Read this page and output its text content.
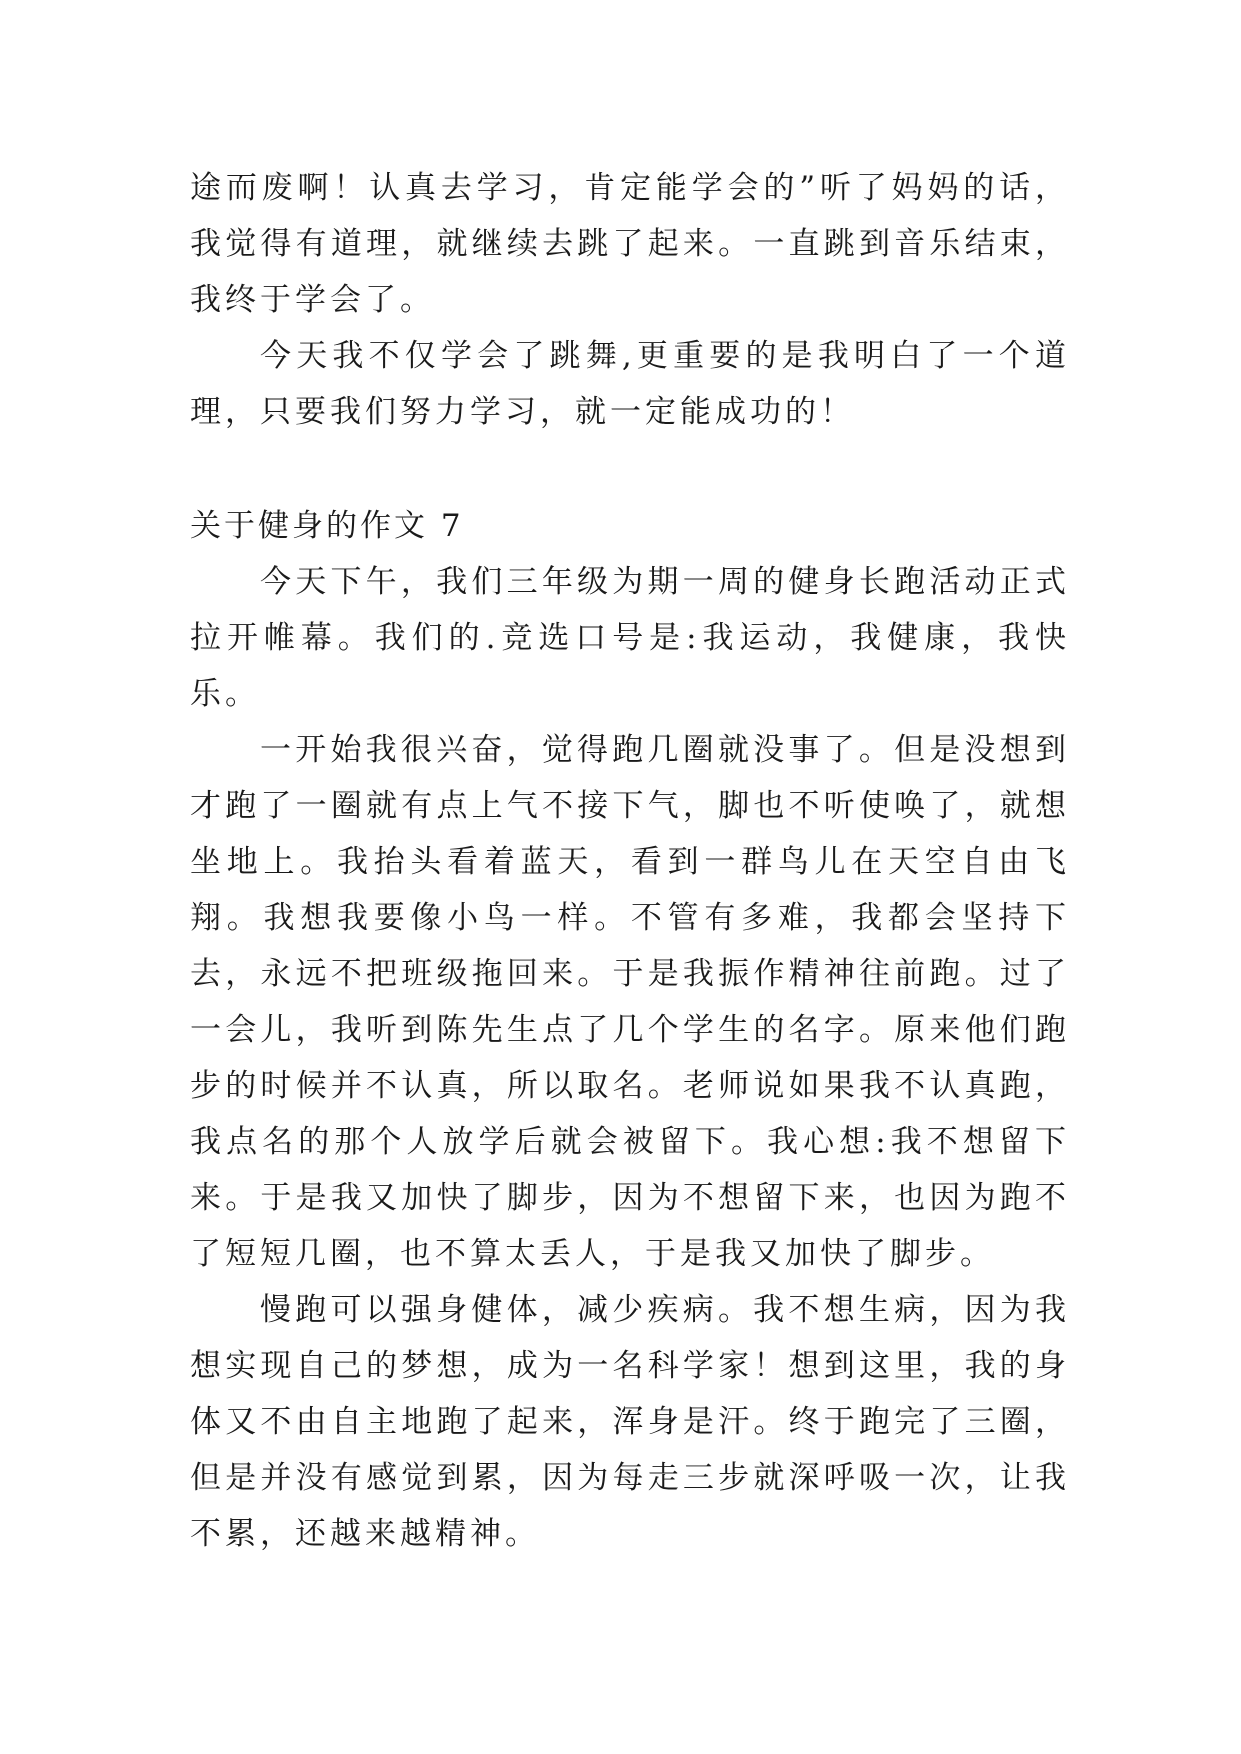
途而废啊！认真去学习，肯定能学会的”听了妈妈的话，我觉得有道理，就继续去跳了起来。一直跳到音乐结束，我终于学会了。

今天我不仅学会了跳舞,更重要的是我明白了一个道理，只要我们努力学习，就一定能成功的！

关于健身的作文 7

今天下午，我们三年级为期一周的健身长跑活动正式拉开帷幕。我们的.竞选口号是:我运动，我健康，我快乐。

一开始我很兴奋，觉得跑几圈就没事了。但是没想到才跑了一圈就有点上气不接下气，脚也不听使唤了，就想坐地上。我抬头看着蓝天，看到一群鸟儿在天空自由飞翔。我想我要像小鸟一样。不管有多难，我都会坚持下去，永远不把班级拖回来。于是我振作精神往前跑。过了一会儿，我听到陈先生点了几个学生的名字。原来他们跑步的时候并不认真，所以取名。老师说如果我不认真跑，我点名的那个人放学后就会被留下。我心想:我不想留下来。于是我又加快了脚步，因为不想留下来，也因为跑不了短短几圈，也不算太丢人，于是我又加快了脚步。

慢跑可以强身健体，减少疾病。我不想生病，因为我想实现自己的梦想，成为一名科学家！想到这里，我的身体又不由自主地跑了起来，浑身是汗。终于跑完了三圈，但是并没有感觉到累，因为每走三步就深呼吸一次，让我不累，还越来越精神。
